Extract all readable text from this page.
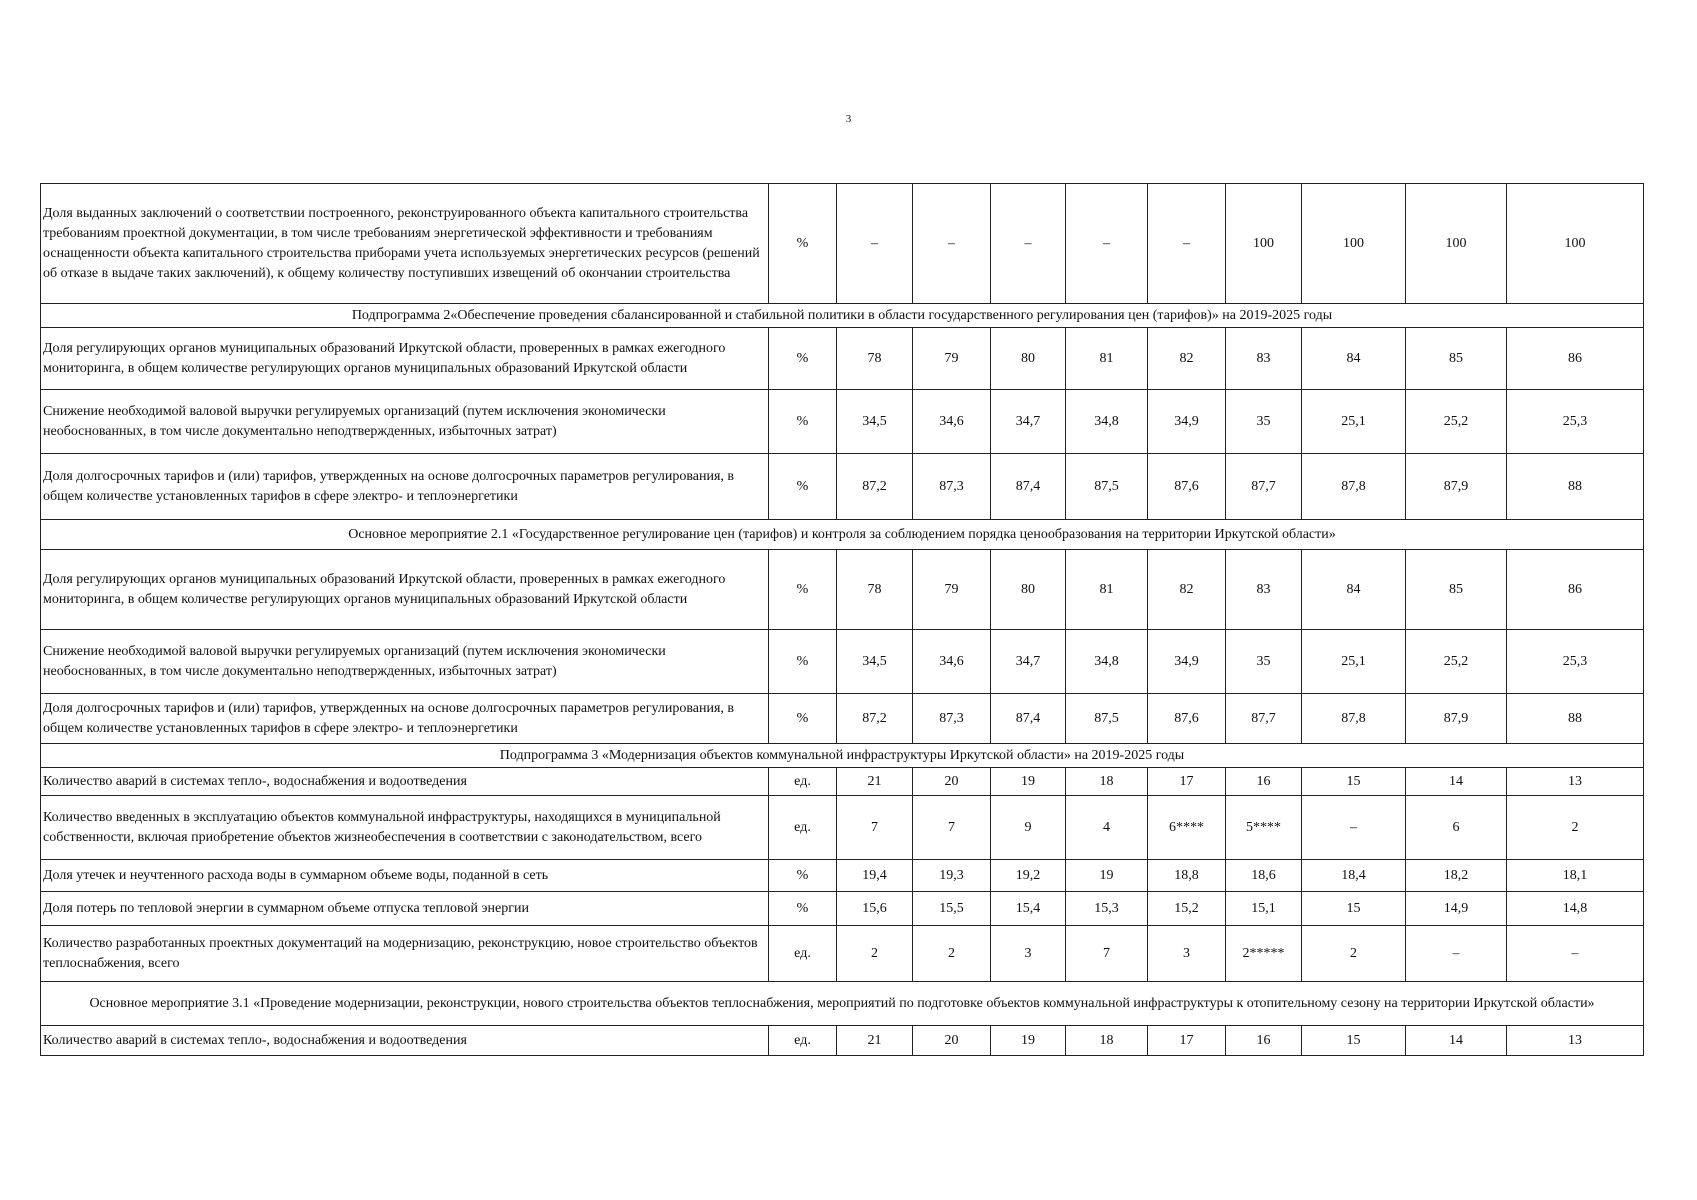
3
Доля выданных заключений о соответствии построенного, реконструированного объекта капитального строительства требованиям проектной документации, в том числе требованиям энергетической эффективности и требованиям оснащенности объекта капитального строительства приборами учета используемых энергетических ресурсов (решений об отказе в выдаче таких заключений), к общему количеству поступивших извещений об окончании строительства	%	–	–	–	–	–	100	100	100	100
Подпрограмма 2«Обеспечение проведения сбалансированной и стабильной политики в области государственного регулирования цен (тарифов)» на 2019-2025 годы										
Доля регулирующих органов муниципальных образований Иркутской области, проверенных в рамках ежегодного мониторинга, в общем количестве регулирующих органов муниципальных образований Иркутской области	%	78	79	80	81	82	83	84	85	86
Снижение необходимой валовой выручки регулируемых организаций (путем исключения экономически необоснованных, в том числе документально неподтвержденных, избыточных затрат)	%	34,5	34,6	34,7	34,8	34,9	35	25,1	25,2	25,3
Доля долгосрочных тарифов и (или) тарифов, утвержденных на основе долгосрочных параметров регулирования, в общем количестве установленных тарифов в сфере электро- и теплоэнергетики	%	87,2	87,3	87,4	87,5	87,6	87,7	87,8	87,9	88
Основное мероприятие 2.1 «Государственное регулирование цен (тарифов) и контроля за соблюдением порядка ценообразования на территории Иркутской области»										
Доля регулирующих органов муниципальных образований Иркутской области, проверенных в рамках ежегодного мониторинга, в общем количестве регулирующих органов муниципальных образований Иркутской области	%	78	79	80	81	82	83	84	85	86
Снижение необходимой валовой выручки регулируемых организаций (путем исключения экономически необоснованных, в том числе документально неподтвержденных, избыточных затрат)	%	34,5	34,6	34,7	34,8	34,9	35	25,1	25,2	25,3
Доля долгосрочных тарифов и (или) тарифов, утвержденных на основе долгосрочных параметров регулирования, в общем количестве установленных тарифов в сфере электро- и теплоэнергетики	%	87,2	87,3	87,4	87,5	87,6	87,7	87,8	87,9	88
Подпрограмма 3 «Модернизация объектов коммунальной инфраструктуры Иркутской области» на 2019-2025 годы										
Количество аварий в системах тепло-, водоснабжения и водоотведения	ед.	21	20	19	18	17	16	15	14	13
Количество введенных в эксплуатацию объектов коммунальной инфраструктуры, находящихся в муниципальной собственности, включая приобретение объектов жизнеобеспечения в соответствии с законодательством, всего	ед.	7	7	9	4	6****	5****	–	6	2
Доля утечек и неучтенного расхода воды в суммарном объеме воды, поданной в сеть	%	19,4	19,3	19,2	19	18,8	18,6	18,4	18,2	18,1
Доля потерь по тепловой энергии в суммарном объеме отпуска тепловой энергии	%	15,6	15,5	15,4	15,3	15,2	15,1	15	14,9	14,8
Количество разработанных проектных документаций на модернизацию, реконструкцию, новое строительство объектов теплоснабжения, всего	ед.	2	2	3	7	3	2*****	2	–	–
Основное мероприятие 3.1 «Проведение модернизации, реконструкции, нового строительства объектов теплоснабжения, мероприятий по подготовке объектов коммунальной инфраструктуры к отопительному сезону на территории Иркутской области»										
Количество аварий в системах тепло-, водоснабжения и водоотведения	ед.	21	20	19	18	17	16	15	14	13
